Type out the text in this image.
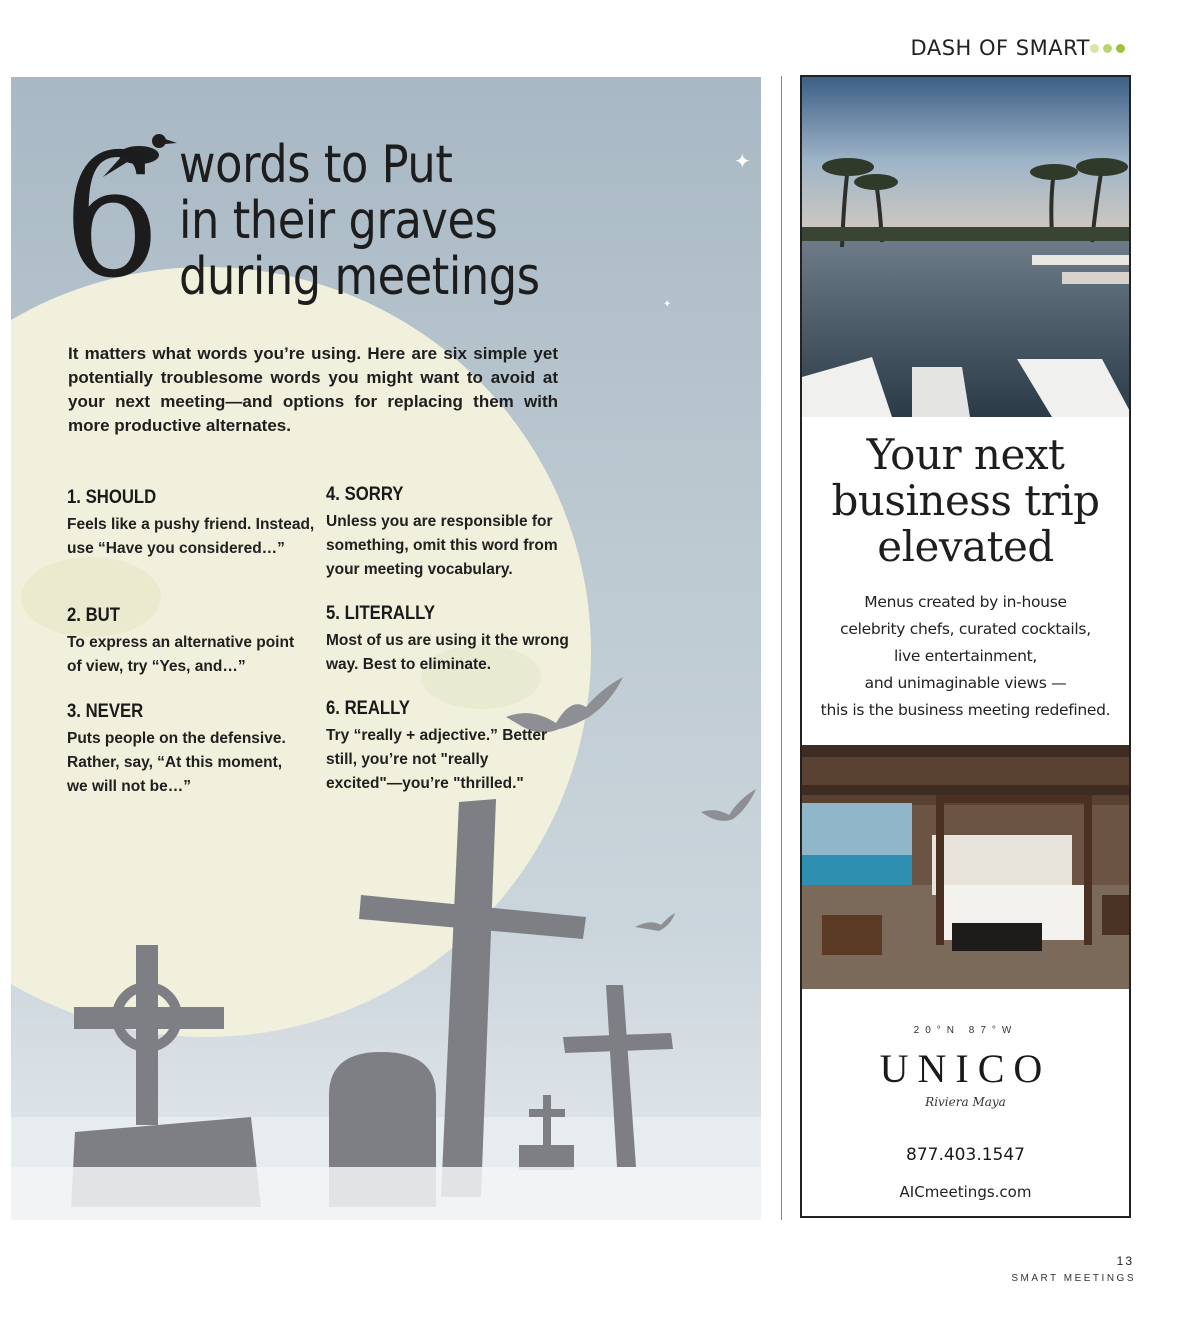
DASH OF SMART
✦
✦
6 words to Put
in their graves
during meetings
It matters what words you’re using. Here are six simple yet potentially troublesome words you might want to avoid at your next meeting—and options for replacing them with more productive alternates.
1. SHOULD

Feels like a pushy friend. Instead, use “Have you considered…”

2. BUT

To express an alternative point of view, try “Yes, and…”

3. NEVER

Puts people on the defensive. Rather, say, “At this moment, we will not be…”

4. SORRY

Unless you are responsible for something, omit this word from your meeting vocabulary.

5. LITERALLY

Most of us are using it the wrong way. Best to eliminate.

6. REALLY

Try “really + adjective.” Better still, you’re not "really excited"—you’re "thrilled."

Your next
business trip
elevated
Menus created by in-house
celebrity chefs, curated cocktails,
live entertainment,
and unimaginable views —
this is the business meeting redefined.
20°N 87°W
UNICO
Riviera Maya
877.403.1547
AICmeetings.com
13
SMART MEETINGS
